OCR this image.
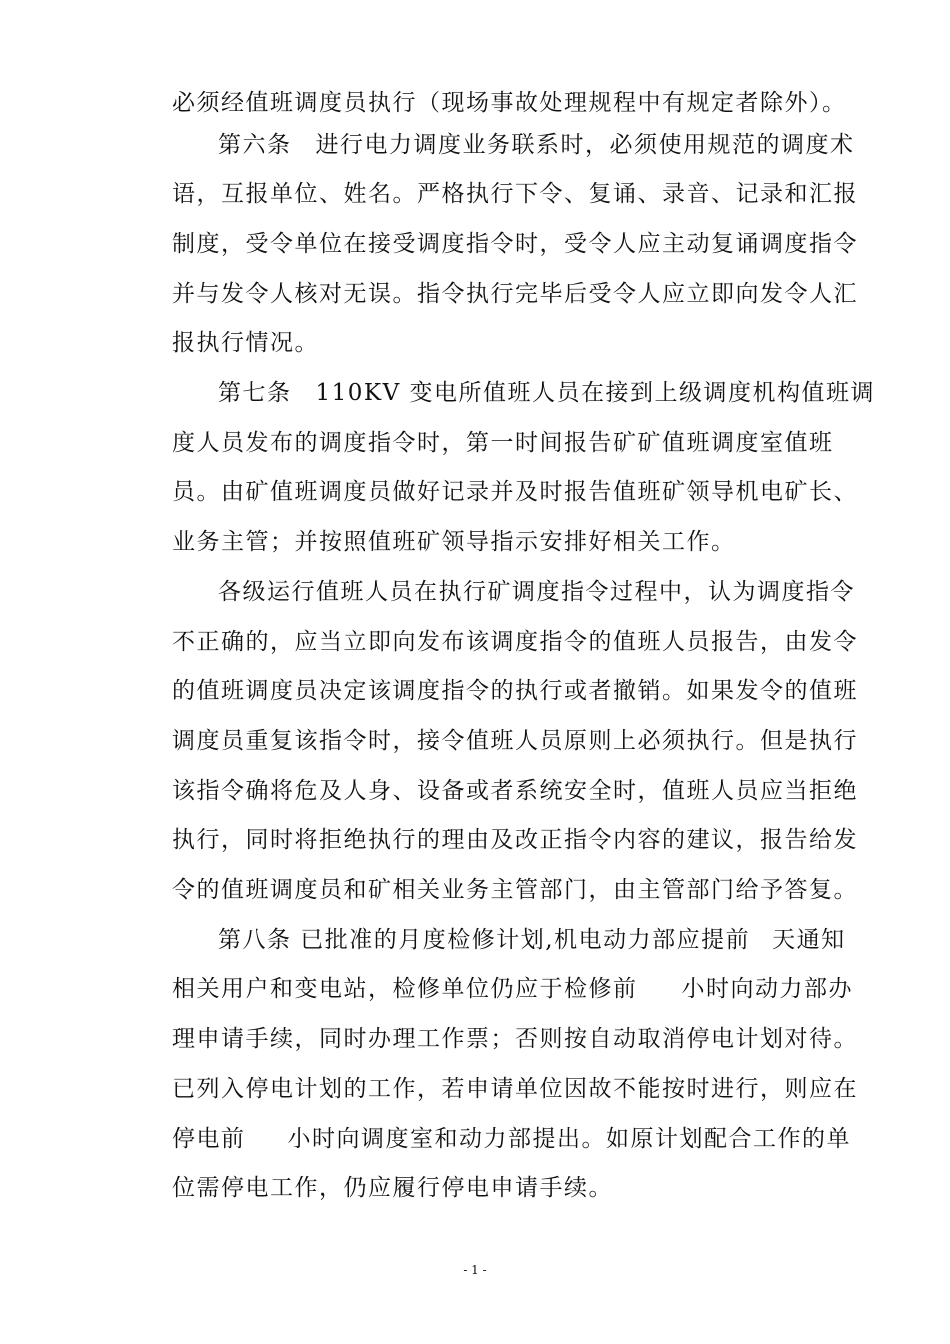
必须经值班调度员执行（现场事故处理规程中有规定者除外）。
第六条 进行电力调度业务联系时，必须使用规范的调度术
语，互报单位、姓名。严格执行下令、复诵、录音、记录和汇报
制度，受令单位在接受调度指令时，受令人应主动复诵调度指令
并与发令人核对无误。指令执行完毕后受令人应立即向发令人汇
报执行情况。
第七条 110KV 变电所值班人员在接到上级调度机构值班调
度人员发布的调度指令时，第一时间报告矿矿值班调度室值班
员。由矿值班调度员做好记录并及时报告值班矿领导机电矿长、
业务主管；并按照值班矿领导指示安排好相关工作。
各级运行值班人员在执行矿调度指令过程中，认为调度指令
不正确的，应当立即向发布该调度指令的值班人员报告，由发令
的值班调度员决定该调度指令的执行或者撤销。如果发令的值班
调度员重复该指令时，接令值班人员原则上必须执行。但是执行
该指令确将危及人身、设备或者系统安全时，值班人员应当拒绝
执行，同时将拒绝执行的理由及改正指令内容的建议，报告给发
令的值班调度员和矿相关业务主管部门，由主管部门给予答复。
第八条 已批准的月度检修计划,机电动力部应提前 天通知
相关用户和变电站，检修单位仍应于检修前 小时向动力部办
理申请手续，同时办理工作票；否则按自动取消停电计划对待。
已列入停电计划的工作，若申请单位因故不能按时进行，则应在
停电前 小时向调度室和动力部提出。如原计划配合工作的单
位需停电工作，仍应履行停电申请手续。
- 1 -
